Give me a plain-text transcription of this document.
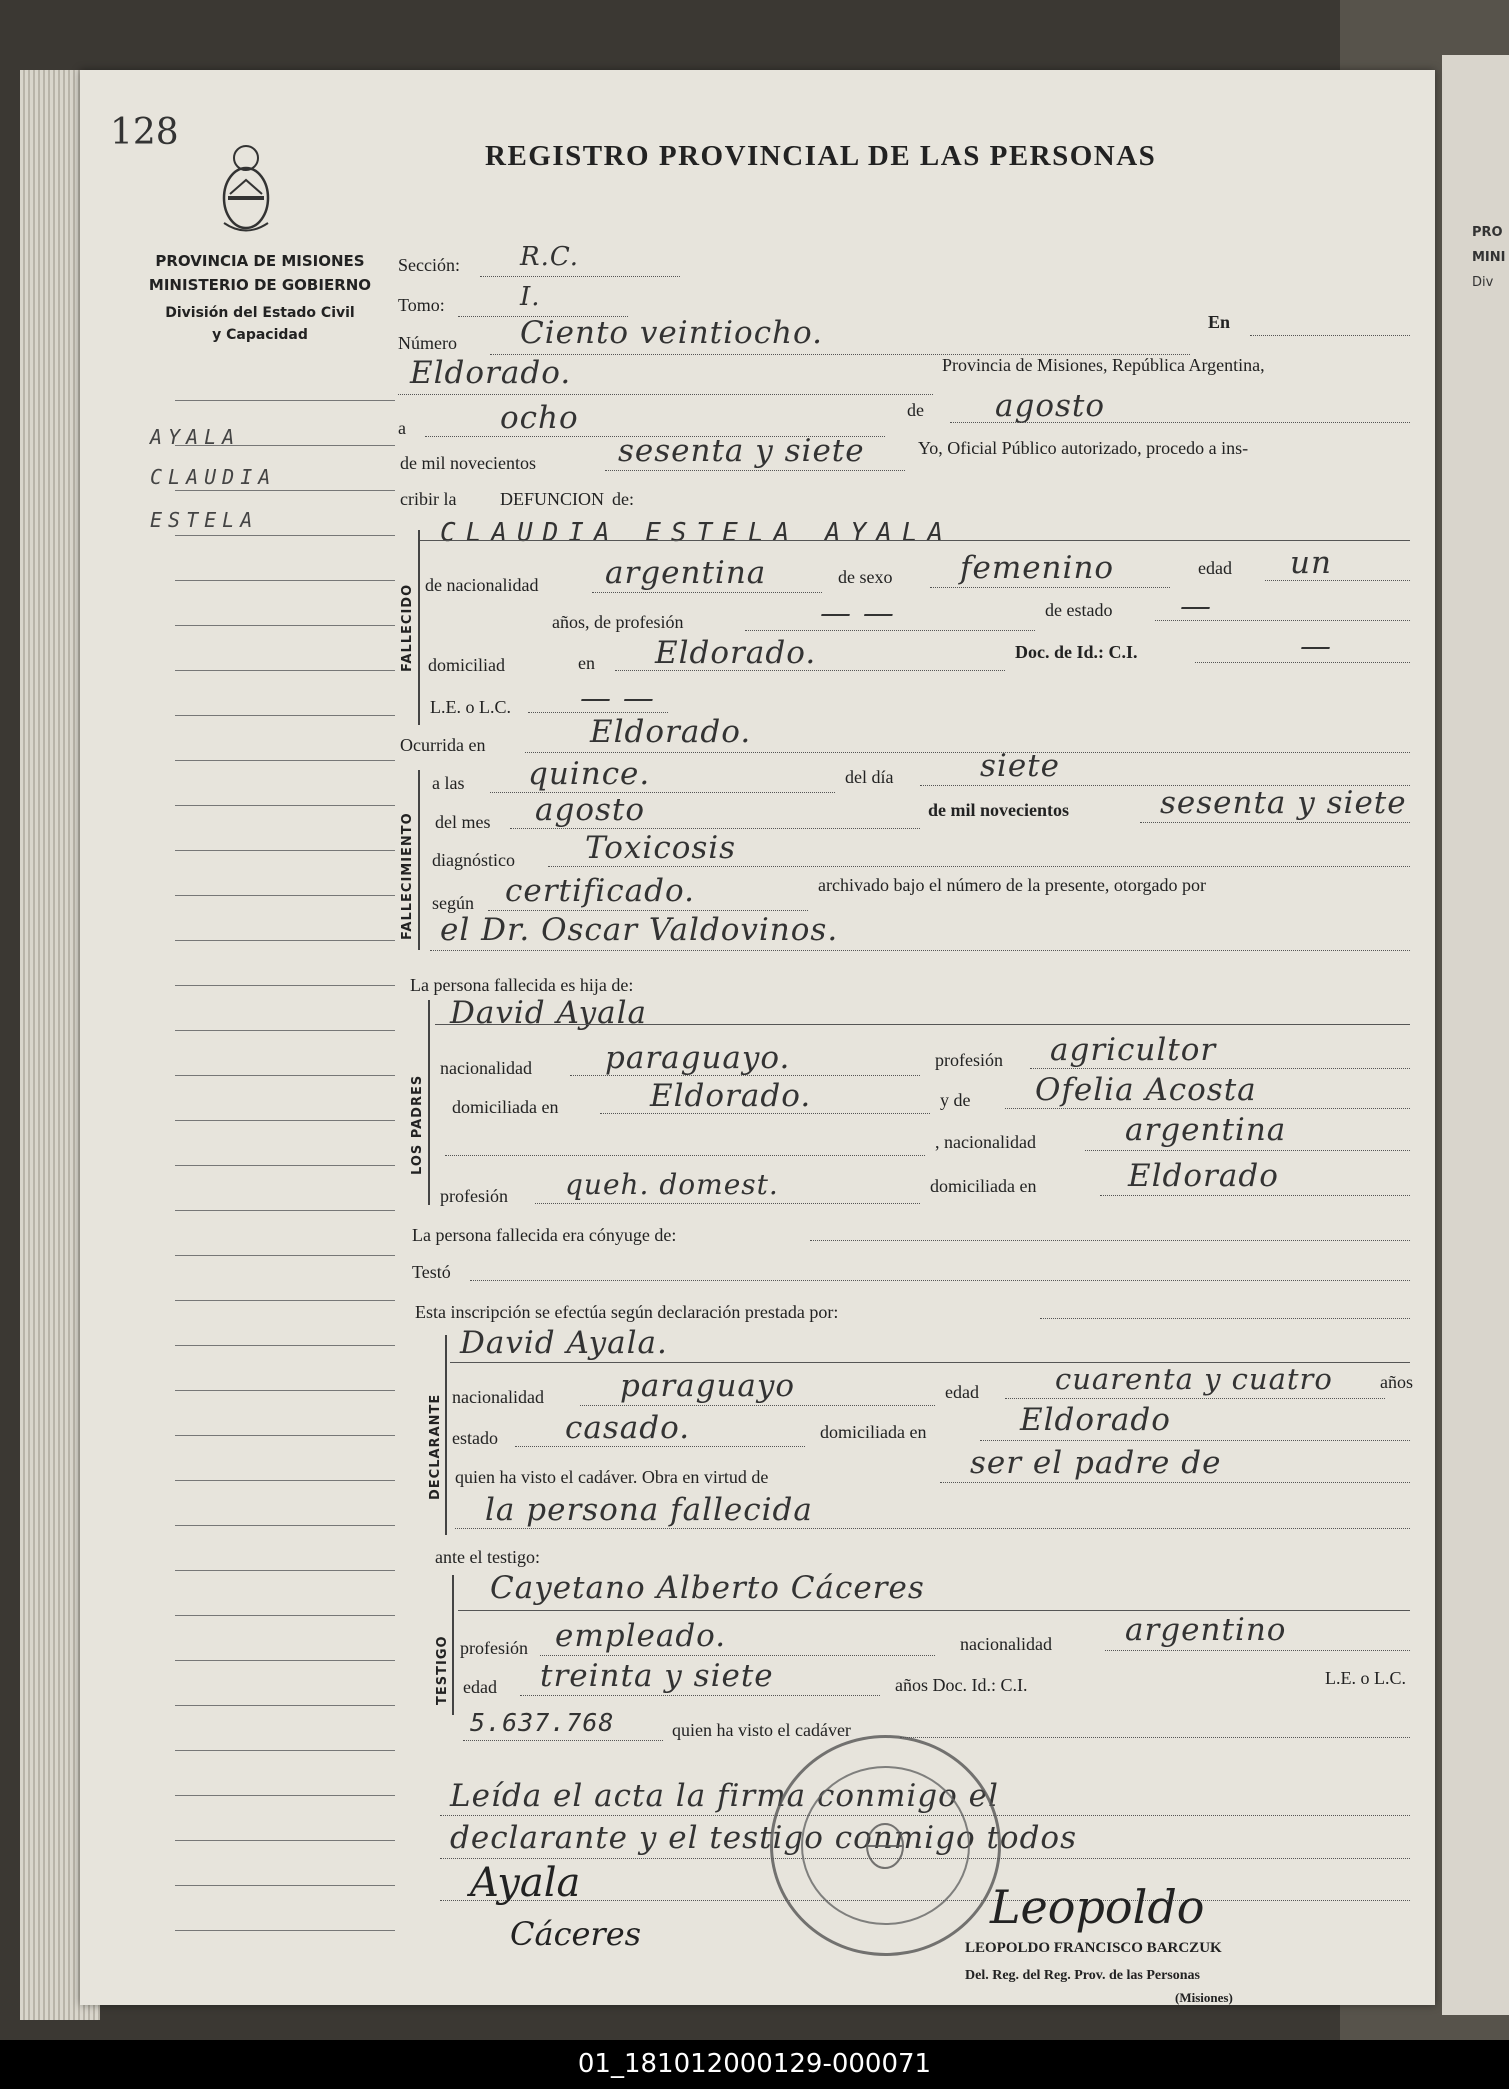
PRO
MINI
Div
128
REGISTRO PROVINCIAL DE LAS PERSONAS
PROVINCIA DE MISIONES
MINISTERIO DE GOBIERNO
División del Estado Civil
y Capacidad
AYALA
CLAUDIA
ESTELA
Sección: R.C.
Tomo:	I.
Número Ciento veintiocho.	En
Eldorado.	Provincia de Misiones, República Argentina,
a	ocho	de agosto
de mil novecientos	sesenta y siete	Yo, Oficial Público autorizado, procedo a ins-
cribir la DEFUNCION de:
FALLECIDO
CLAUDIA ESTELA AYALA
de nacionalidad argentina	de sexo femenino	edad un
años, de profesión	— —	de estado —
domiciliad	en Eldorado.	Doc. de Id.: C.I.	—
L.E. o L.C. — —
Ocurrida en	Eldorado.
FALLECIMIENTO
a las quince.	del día	siete
del mes agosto	de mil novecientos	sesenta y siete
diagnóstico Toxicosis
según certificado.	archivado bajo el número de la presente, otorgado por
el Dr. Oscar Valdovinos.
La persona fallecida es hija de:
LOS PADRES
David Ayala
nacionalidad paraguayo.	profesión agricultor
domiciliada en	Eldorado.	y de Ofelia Acosta
, nacionalidad	argentina
profesión queh. domest.	domiciliada en	Eldorado
La persona fallecida era cónyuge de:
Testó
Esta inscripción se efectúa según declaración prestada por:
DECLARANTE
David Ayala.
nacionalidad paraguayo	edad	cuarenta y cuatro	años
estado casado.	domiciliada en	Eldorado
quien ha visto el cadáver. Obra en virtud de	ser el padre de
la persona fallecida
ante el testigo:
TESTIGO
Cayetano Alberto Cáceres
profesión empleado.	nacionalidad argentino
edad treinta y siete	años Doc. Id.: C.I.	L.E. o L.C.
5.637.768	quien ha visto el cadáver
Leída el acta la firma conmigo el
declarante y el testigo conmigo todos
Ayala
Cáceres	Leopoldo
LEOPOLDO FRANCISCO BARCZUK
Del. Reg. del Reg. Prov. de las Personas
(Misiones)
01_181012000129-000071
